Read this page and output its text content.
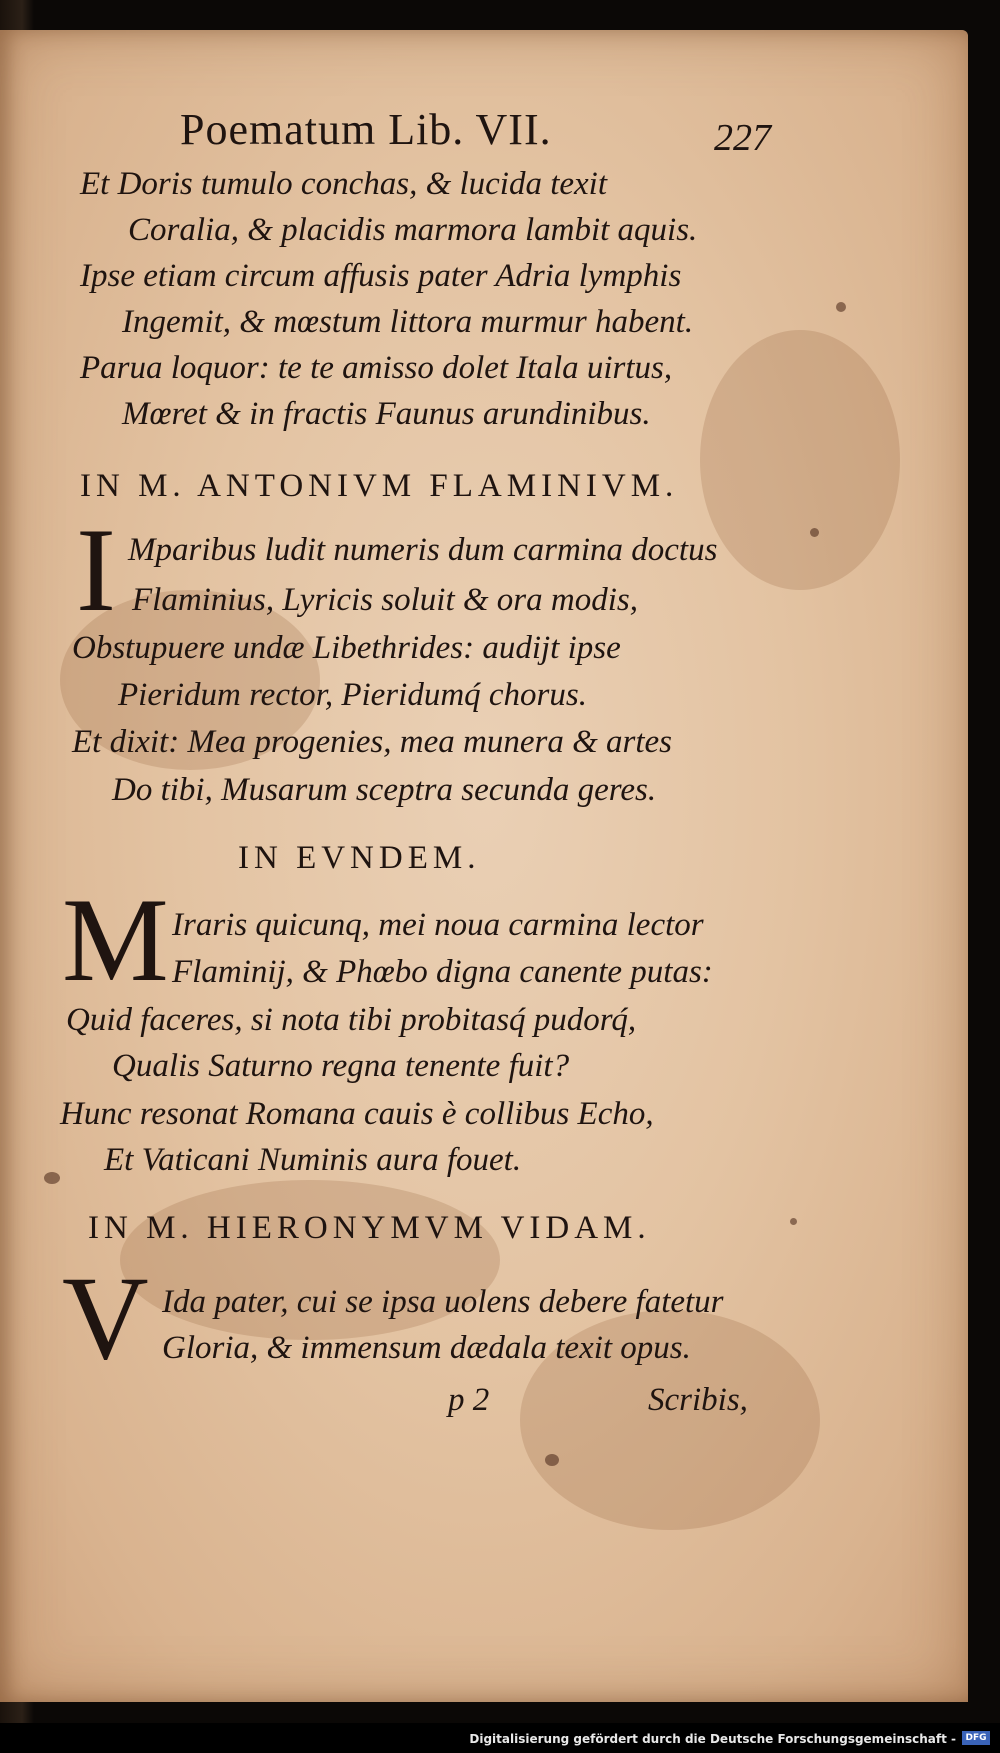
Poematum Lib. VII.	227

Et Doris tumulo conchas, & lucida texit

Coralia, & placidis marmora lambit aquis.

Ipse etiam circum affusis pater Adria lymphis

Ingemit, & mœstum littora murmur habent.

Parua loquor: te te amisso dolet Itala uirtus,

Mœret & in fractis Faunus arundinibus.

IN M. ANTONIVM FLAMINIVM.

I Mparibus ludit numeris dum carmina doctus

Flaminius, Lyricis soluit & ora modis,

Obstupuere undæ Libethrides: audijt ipse

Pieridum rector, Pieridumq́ chorus.

Et dixit: Mea progenies, mea munera & artes

Do tibi, Musarum sceptra secunda geres.

IN EVNDEM.

M Iraris quicunq, mei noua carmina lector

Flaminij, & Phœbo digna canente putas:

Quid faceres, si nota tibi probitasq́ pudorq́,

Qualis Saturno regna tenente fuit?

Hunc resonat Romana cauis è collibus Echo,

Et Vaticani Numinis aura fouet.

IN M. HIERONYMVM VIDAM.

V Ida pater, cui se ipsa uolens debere fatetur

Gloria, & immensum dædala texit opus.

p 2	Scribis,

Digitalisierung gefördert durch die Deutsche Forschungsgemeinschaft -	DFG
